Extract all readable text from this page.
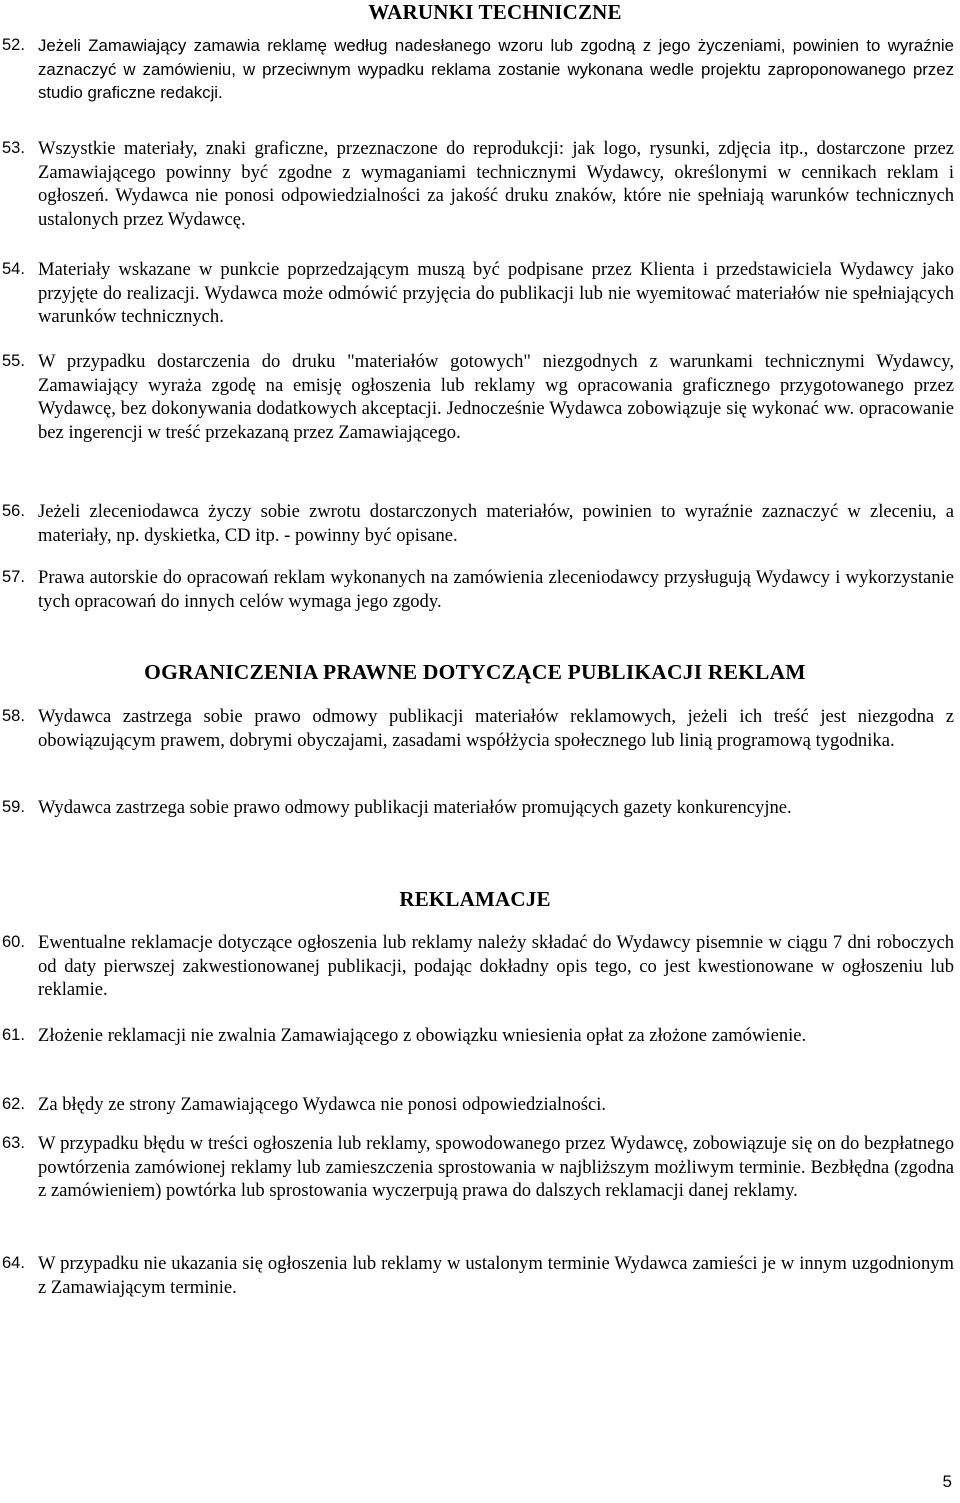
WARUNKI TECHNICZNE
52. Jeżeli Zamawiający zamawia reklamę według nadesłanego wzoru lub zgodną z jego życzeniami, powinien to wyraźnie zaznaczyć w zamówieniu, w przeciwnym wypadku reklama zostanie wykonana wedle projektu zaproponowanego przez studio graficzne redakcji.
53. Wszystkie materiały, znaki graficzne, przeznaczone do reprodukcji: jak logo, rysunki, zdjęcia itp., dostarczone przez Zamawiającego powinny być zgodne z wymaganiami technicznymi Wydawcy, określonymi w cennikach reklam i ogłoszeń. Wydawca nie ponosi odpowiedzialności za jakość druku znaków, które nie spełniają warunków technicznych ustalonych przez Wydawcę.
54. Materiały wskazane w punkcie poprzedzającym muszą być podpisane przez Klienta i przedstawiciela Wydawcy jako przyjęte do realizacji. Wydawca może odmówić przyjęcia do publikacji lub nie wyemitować materiałów nie spełniających warunków technicznych.
55. W przypadku dostarczenia do druku "materiałów gotowych" niezgodnych z warunkami technicznymi Wydawcy, Zamawiający wyraża zgodę na emisję ogłoszenia lub reklamy wg opracowania graficznego przygotowanego przez Wydawcę, bez dokonywania dodatkowych akceptacji. Jednocześnie Wydawca zobowiązuje się wykonać ww. opracowanie bez ingerencji w treść przekazaną przez Zamawiającego.
56. Jeżeli zleceniodawca życzy sobie zwrotu dostarczonych materiałów, powinien to wyraźnie zaznaczyć w zleceniu, a materiały, np. dyskietka, CD itp. - powinny być opisane.
57. Prawa autorskie do opracowań reklam wykonanych na zamówienia zleceniodawcy przysługują Wydawcy i wykorzystanie tych opracowań do innych celów wymaga jego zgody.
OGRANICZENIA PRAWNE DOTYCZĄCE PUBLIKACJI REKLAM
58. Wydawca zastrzega sobie prawo odmowy publikacji materiałów reklamowych, jeżeli ich treść jest niezgodna z obowiązującym prawem, dobrymi obyczajami, zasadami współżycia społecznego lub linią programową tygodnika.
59. Wydawca zastrzega sobie prawo odmowy publikacji materiałów promujących gazety konkurencyjne.
REKLAMACJE
60. Ewentualne reklamacje dotyczące ogłoszenia lub reklamy należy składać do Wydawcy pisemnie w ciągu 7 dni roboczych od daty pierwszej zakwestionowanej publikacji, podając dokładny opis tego, co jest kwestionowane w ogłoszeniu lub reklamie.
61. Złożenie reklamacji nie zwalnia Zamawiającego z obowiązku wniesienia opłat za złożone zamówienie.
62. Za błędy ze strony Zamawiającego Wydawca nie ponosi odpowiedzialności.
63. W przypadku błędu w treści ogłoszenia lub reklamy, spowodowanego przez Wydawcę, zobowiązuje się on do bezpłatnego powtórzenia zamówionej reklamy lub zamieszczenia sprostowania w najbliższym możliwym terminie. Bezbłędna (zgodna z zamówieniem) powtórka lub sprostowania wyczerpują prawa do dalszych reklamacji danej reklamy.
64. W przypadku nie ukazania się ogłoszenia lub reklamy w ustalonym terminie Wydawca zamieści je w innym uzgodnionym z Zamawiającym terminie.
5
